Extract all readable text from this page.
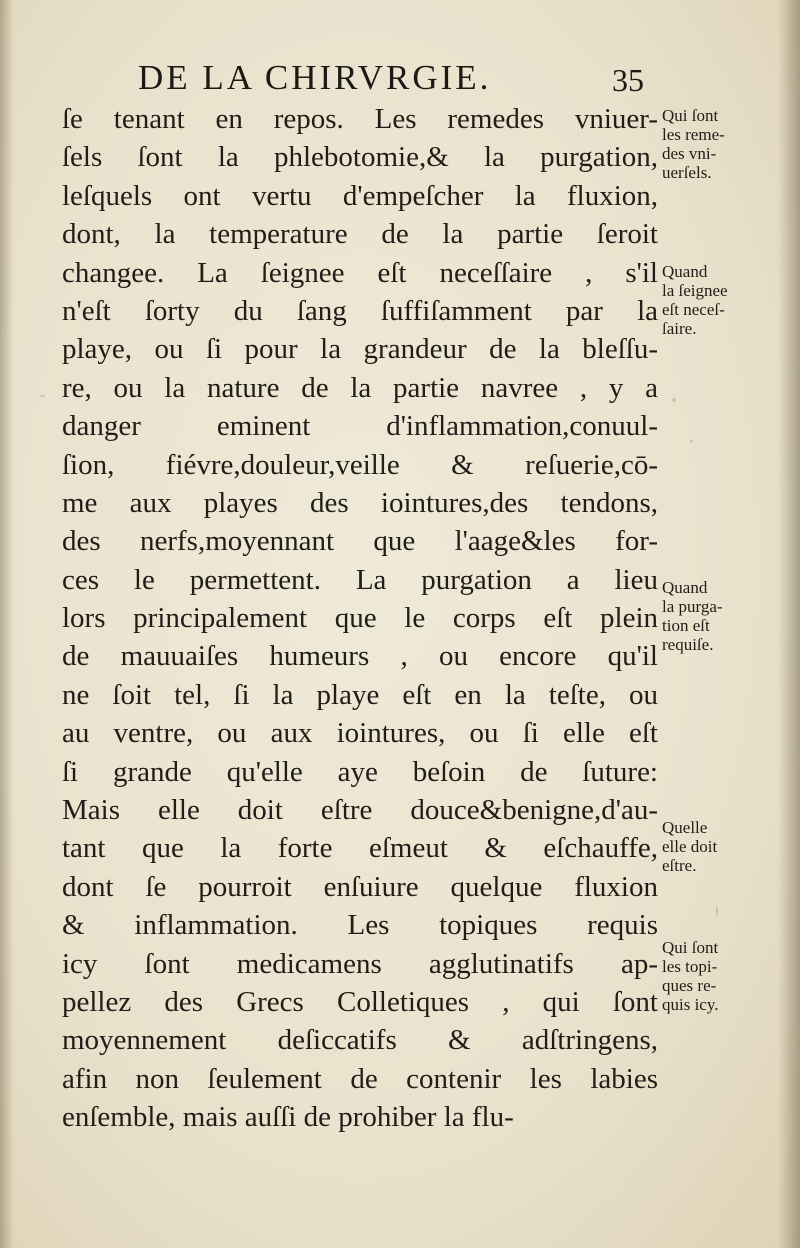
DE LA CHIRVRGIE.	35
ſe tenant en repos. Les remedes vniuer-
ſels ſont la phlebotomie,& la purgation,
leſquels ont vertu d'empeſcher la fluxion,
dont, la temperature de la partie ſeroit
changee. La ſeignee eſt neceſſaire , s'il
n'eſt ſorty du ſang ſuffiſamment par la
playe, ou ſi pour la grandeur de la bleſſu-
re, ou la nature de la partie navree , y a
danger eminent d'inflammation,conuul-
ſion, fiévre,douleur,veille & reſuerie,cō-
me aux playes des iointures,des tendons,
des nerfs,moyennant que l'aage&les for-
ces le permettent. La purgation a lieu
lors principalement que le corps eſt plein
de mauuaiſes humeurs , ou encore qu'il
ne ſoit tel, ſi la playe eſt en la teſte, ou
au ventre, ou aux iointures, ou ſi elle eſt
ſi grande qu'elle aye beſoin de ſuture:
Mais elle doit eſtre douce&benigne,d'au-
tant que la forte eſmeut & eſchauffe,
dont ſe pourroit enſuiure quelque fluxion
& inflammation. Les topiques requis
icy ſont medicamens agglutinatifs ap-
pellez des Grecs Colletiques , qui ſont
moyennement deſiccatifs & adſtringens,
afin non ſeulement de contenir les labies
enſemble, mais auſſi de prohiber la flu-
Qui ſont
les reme-
des vni-
uerſels.
Quand
la ſeignee
eſt neceſ-
ſaire.
Quand
la purga-
tion eſt
requiſe.
Quelle
elle doit
eſtre.
Qui ſont
les topi-
ques re-
quis icy.
